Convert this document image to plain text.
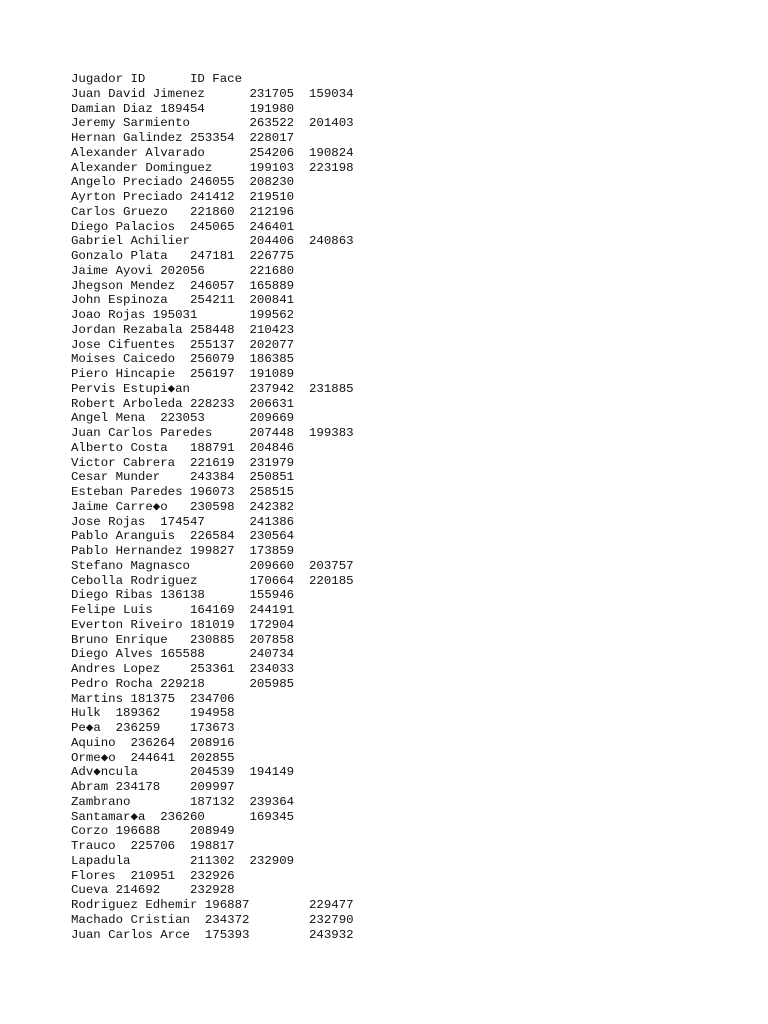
Jugador	ID	ID Face
Juan David Jimenez	231705	159034
Damian Diaz 189454	191980
Jeremy Sarmiento	263522	201403
Hernan Galindez	253354	228017
Alexander Alvarado	254206	190824
Alexander Dominguez	199103	223198
Angelo Preciado	246055	208230
Ayrton Preciado	241412	219510
Carlos Gruezo	221860	212196
Diego Palacios	245065	246401
Gabriel Achilier	204406	240863
Gonzalo Plata	247181	226775
Jaime Ayovi 202056	221680
Jhegson Mendez	246057	165889
John Espinoza	254211	200841
Joao Rojas 195031	199562
Jordan Rezabala	258448	210423
Jose Cifuentes	255137	202077
Moises Caicedo	256079	186385
Piero Hincapie	256197	191089
Pervis Estupi◆an	237942	231885
Robert Arboleda	228233	206631
Angel Mena  223053	209669
Juan Carlos Paredes	207448	199383
Alberto Costa	188791	204846
Victor Cabrera	221619	231979
Cesar Munder	243384	250851
Esteban Paredes	196073	258515
Jaime Carre◆o	230598	242382
Jose Rojas  174547	241386
Pablo Aranguis	226584	230564
Pablo Hernandez	199827	173859
Stefano Magnasco	209660	203757
Cebolla Rodriguez	170664	220185
Diego Ribas 136138	155946
Felipe Luis	164169	244191
Everton Riveiro	181019	172904
Bruno Enrique	230885	207858
Diego Alves 165588	240734
Andres Lopez	253361	234033
Pedro Rocha 229218	205985
Martins	181375	234706
Hulk  189362	194958
Pe◆a  236259	173673
Aquino	236264	208916
Orme◆o	244641	202855
Adv◆ncula	204539	194149
Abram 234178	209997
Zambrano	187132	239364
Santamar◆a  236260	169345
Corzo 196688	208949
Trauco	225706	198817
Lapadula	211302	232909
Flores	210951	232926
Cueva 214692	232928
Rodriguez Edhemir 196887	229477
Machado Cristian  234372	232790
Juan Carlos Arce  175393	243932
